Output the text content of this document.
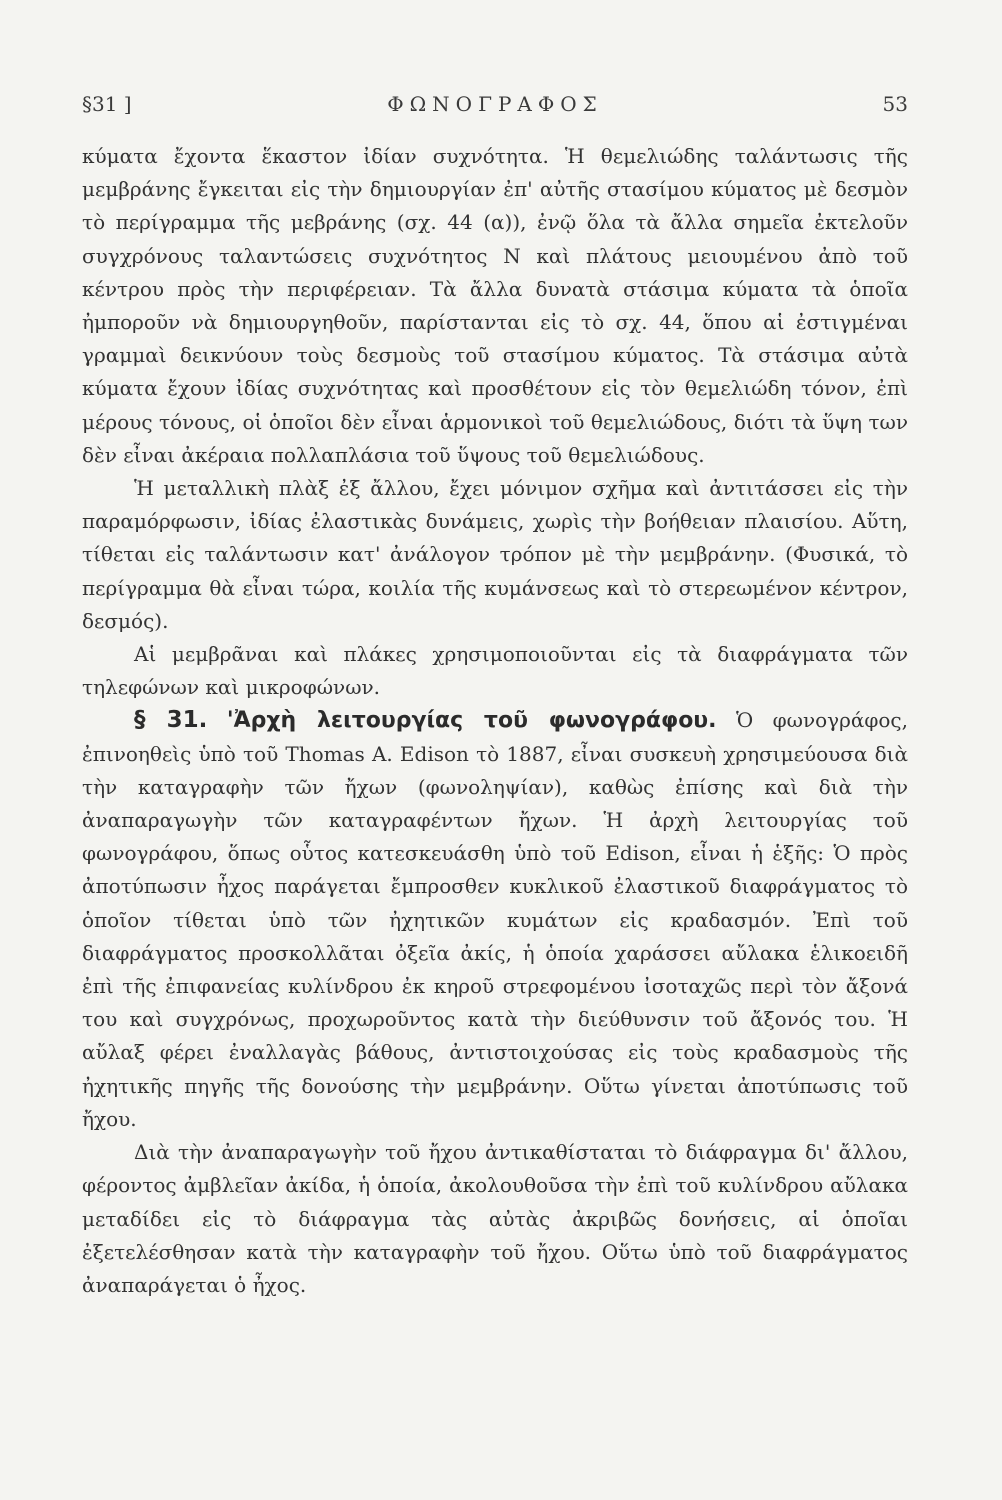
§31 ]	ΦΩΝΟΓΡΑΦΟΣ	53

κύματα ἔχοντα ἕκαστον ἰδίαν συχνότητα. Ἡ θεμελιώδης ταλάντωσις τῆς μεμβράνης ἔγκειται εἰς τὴν δημιουργίαν ἐπ' αὐτῆς στασίμου κύματος μὲ δεσμὸν τὸ περίγραμμα τῆς μεβράνης (σχ. 44 (α)), ἐνῷ ὅλα τὰ ἄλλα σημεῖα ἐκτελοῦν συγχρόνους ταλαντώσεις συχνότητος N καὶ πλάτους μειουμένου ἀπὸ τοῦ κέντρου πρὸς τὴν περιφέρειαν. Τὰ ἄλλα δυνατὰ στάσιμα κύματα τὰ ὁποῖα ἠμποροῦν νὰ δημιουργηθοῦν, παρίστανται εἰς τὸ σχ. 44, ὅπου αἱ ἐστιγμέναι γραμμαὶ δεικνύουν τοὺς δεσμοὺς τοῦ στασίμου κύματος. Τὰ στάσιμα αὐτὰ κύματα ἔχουν ἰδίας συχνότητας καὶ προσθέτουν εἰς τὸν θεμελιώδη τόνον, ἐπὶ μέρους τόνους, οἱ ὁποῖοι δὲν εἶναι ἁρμονικοὶ τοῦ θεμελιώδους, διότι τὰ ὕψη των δὲν εἶναι ἀκέραια πολλαπλάσια τοῦ ὕψους τοῦ θεμελιώδους.

Ἡ μεταλλικὴ πλὰξ ἐξ ἄλλου, ἔχει μόνιμον σχῆμα καὶ ἀντιτάσσει εἰς τὴν παραμόρφωσιν, ἰδίας ἐλαστικὰς δυνάμεις, χωρὶς τὴν βοήθειαν πλαισίου. Αὕτη, τίθεται εἰς ταλάντωσιν κατ' ἀνάλογον τρόπον μὲ τὴν μεμβράνην. (Φυσικά, τὸ περίγραμμα θὰ εἶναι τώρα, κοιλία τῆς κυμάνσεως καὶ τὸ στερεωμένον κέντρον, δεσμός).

Αἱ μεμβρᾶναι καὶ πλάκες χρησιμοποιοῦνται εἰς τὰ διαφράγματα τῶν τηλεφώνων καὶ μικροφώνων.

§ 31. 'Ἀρχὴ λειτουργίας τοῦ φωνογράφου. Ὁ φωνογράφος, ἐπινοηθεὶς ὑπὸ τοῦ Thomas A. Edison τὸ 1887, εἶναι συσκευὴ χρησιμεύουσα διὰ τὴν καταγραφὴν τῶν ἤχων (φωνοληψίαν), καθὼς ἐπίσης καὶ διὰ τὴν ἀναπαραγωγὴν τῶν καταγραφέντων ἤχων. Ἡ ἀρχὴ λειτουργίας τοῦ φωνογράφου, ὅπως οὗτος κατεσκευάσθη ὑπὸ τοῦ Edison, εἶναι ἡ ἑξῆς: Ὁ πρὸς ἀποτύπωσιν ἦχος παράγεται ἔμπροσθεν κυκλικοῦ ἐλαστικοῦ διαφράγματος τὸ ὁποῖον τίθεται ὑπὸ τῶν ἠχητικῶν κυμάτων εἰς κραδασμόν. Ἐπὶ τοῦ διαφράγματος προσκολλᾶται ὀξεῖα ἀκίς, ἡ ὁποία χαράσσει αὔλακα ἑλικοειδῆ ἐπὶ τῆς ἐπιφανείας κυλίνδρου ἐκ κηροῦ στρεφομένου ἰσοταχῶς περὶ τὸν ἄξονά του καὶ συγχρόνως, προχωροῦντος κατὰ τὴν διεύθυνσιν τοῦ ἄξονός του. Ἡ αὔλαξ φέρει ἐναλλαγὰς βάθους, ἀντιστοιχούσας εἰς τοὺς κραδασμοὺς τῆς ἠχητικῆς πηγῆς τῆς δονούσης τὴν μεμβράνην. Οὕτω γίνεται ἀποτύπωσις τοῦ ἤχου.

Διὰ τὴν ἀναπαραγωγὴν τοῦ ἤχου ἀντικαθίσταται τὸ διάφραγμα δι' ἄλλου, φέροντος ἀμβλεῖαν ἀκίδα, ἡ ὁποία, ἀκολουθοῦσα τὴν ἐπὶ τοῦ κυλίνδρου αὔλακα μεταδίδει εἰς τὸ διάφραγμα τὰς αὐτὰς ἀκριβῶς δονήσεις, αἱ ὁποῖαι ἐξετελέσθησαν κατὰ τὴν καταγραφὴν τοῦ ἤχου. Οὕτω ὑπὸ τοῦ διαφράγματος ἀναπαράγεται ὁ ἦχος.
